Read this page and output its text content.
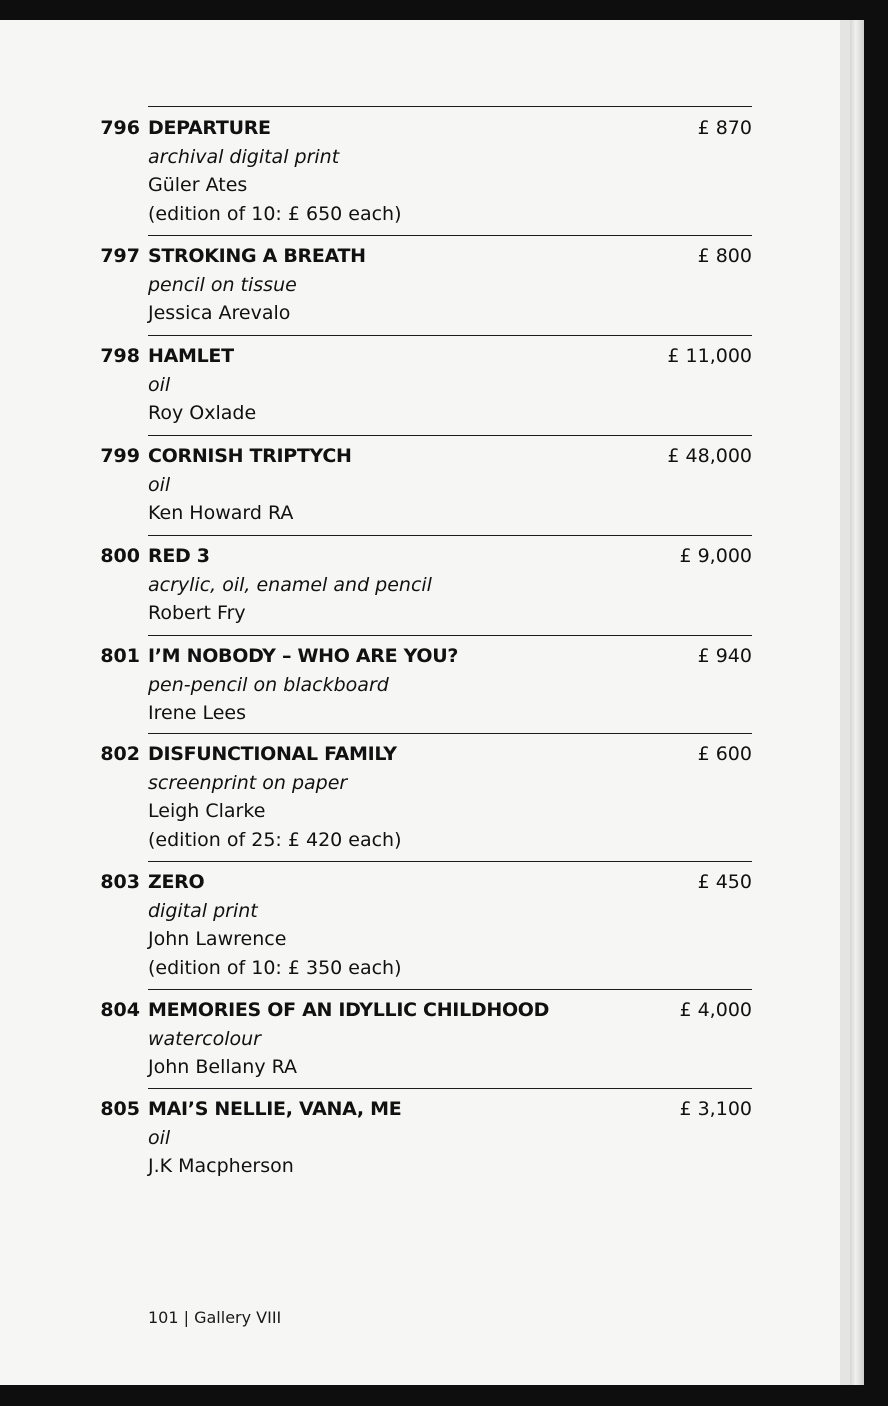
796 DEPARTURE
archival digital print
Güler Ates
(edition of 10: £ 650 each)
£ 870
797 STROKING A BREATH
pencil on tissue
Jessica Arevalo
£ 800
798 HAMLET
oil
Roy Oxlade
£ 11,000
799 CORNISH TRIPTYCH
oil
Ken Howard RA
£ 48,000
800 RED 3
acrylic, oil, enamel and pencil
Robert Fry
£ 9,000
801 I’M NOBODY – WHO ARE YOU?
pen-pencil on blackboard
Irene Lees
£ 940
802 DISFUNCTIONAL FAMILY
screenprint on paper
Leigh Clarke
(edition of 25: £ 420 each)
£ 600
803 ZERO
digital print
John Lawrence
(edition of 10: £ 350 each)
£ 450
804 MEMORIES OF AN IDYLLIC CHILDHOOD
watercolour
John Bellany RA
£ 4,000
805 MAI’S NELLIE, VANA, ME
oil
J.K Macpherson
£ 3,100
101 | Gallery VIII
